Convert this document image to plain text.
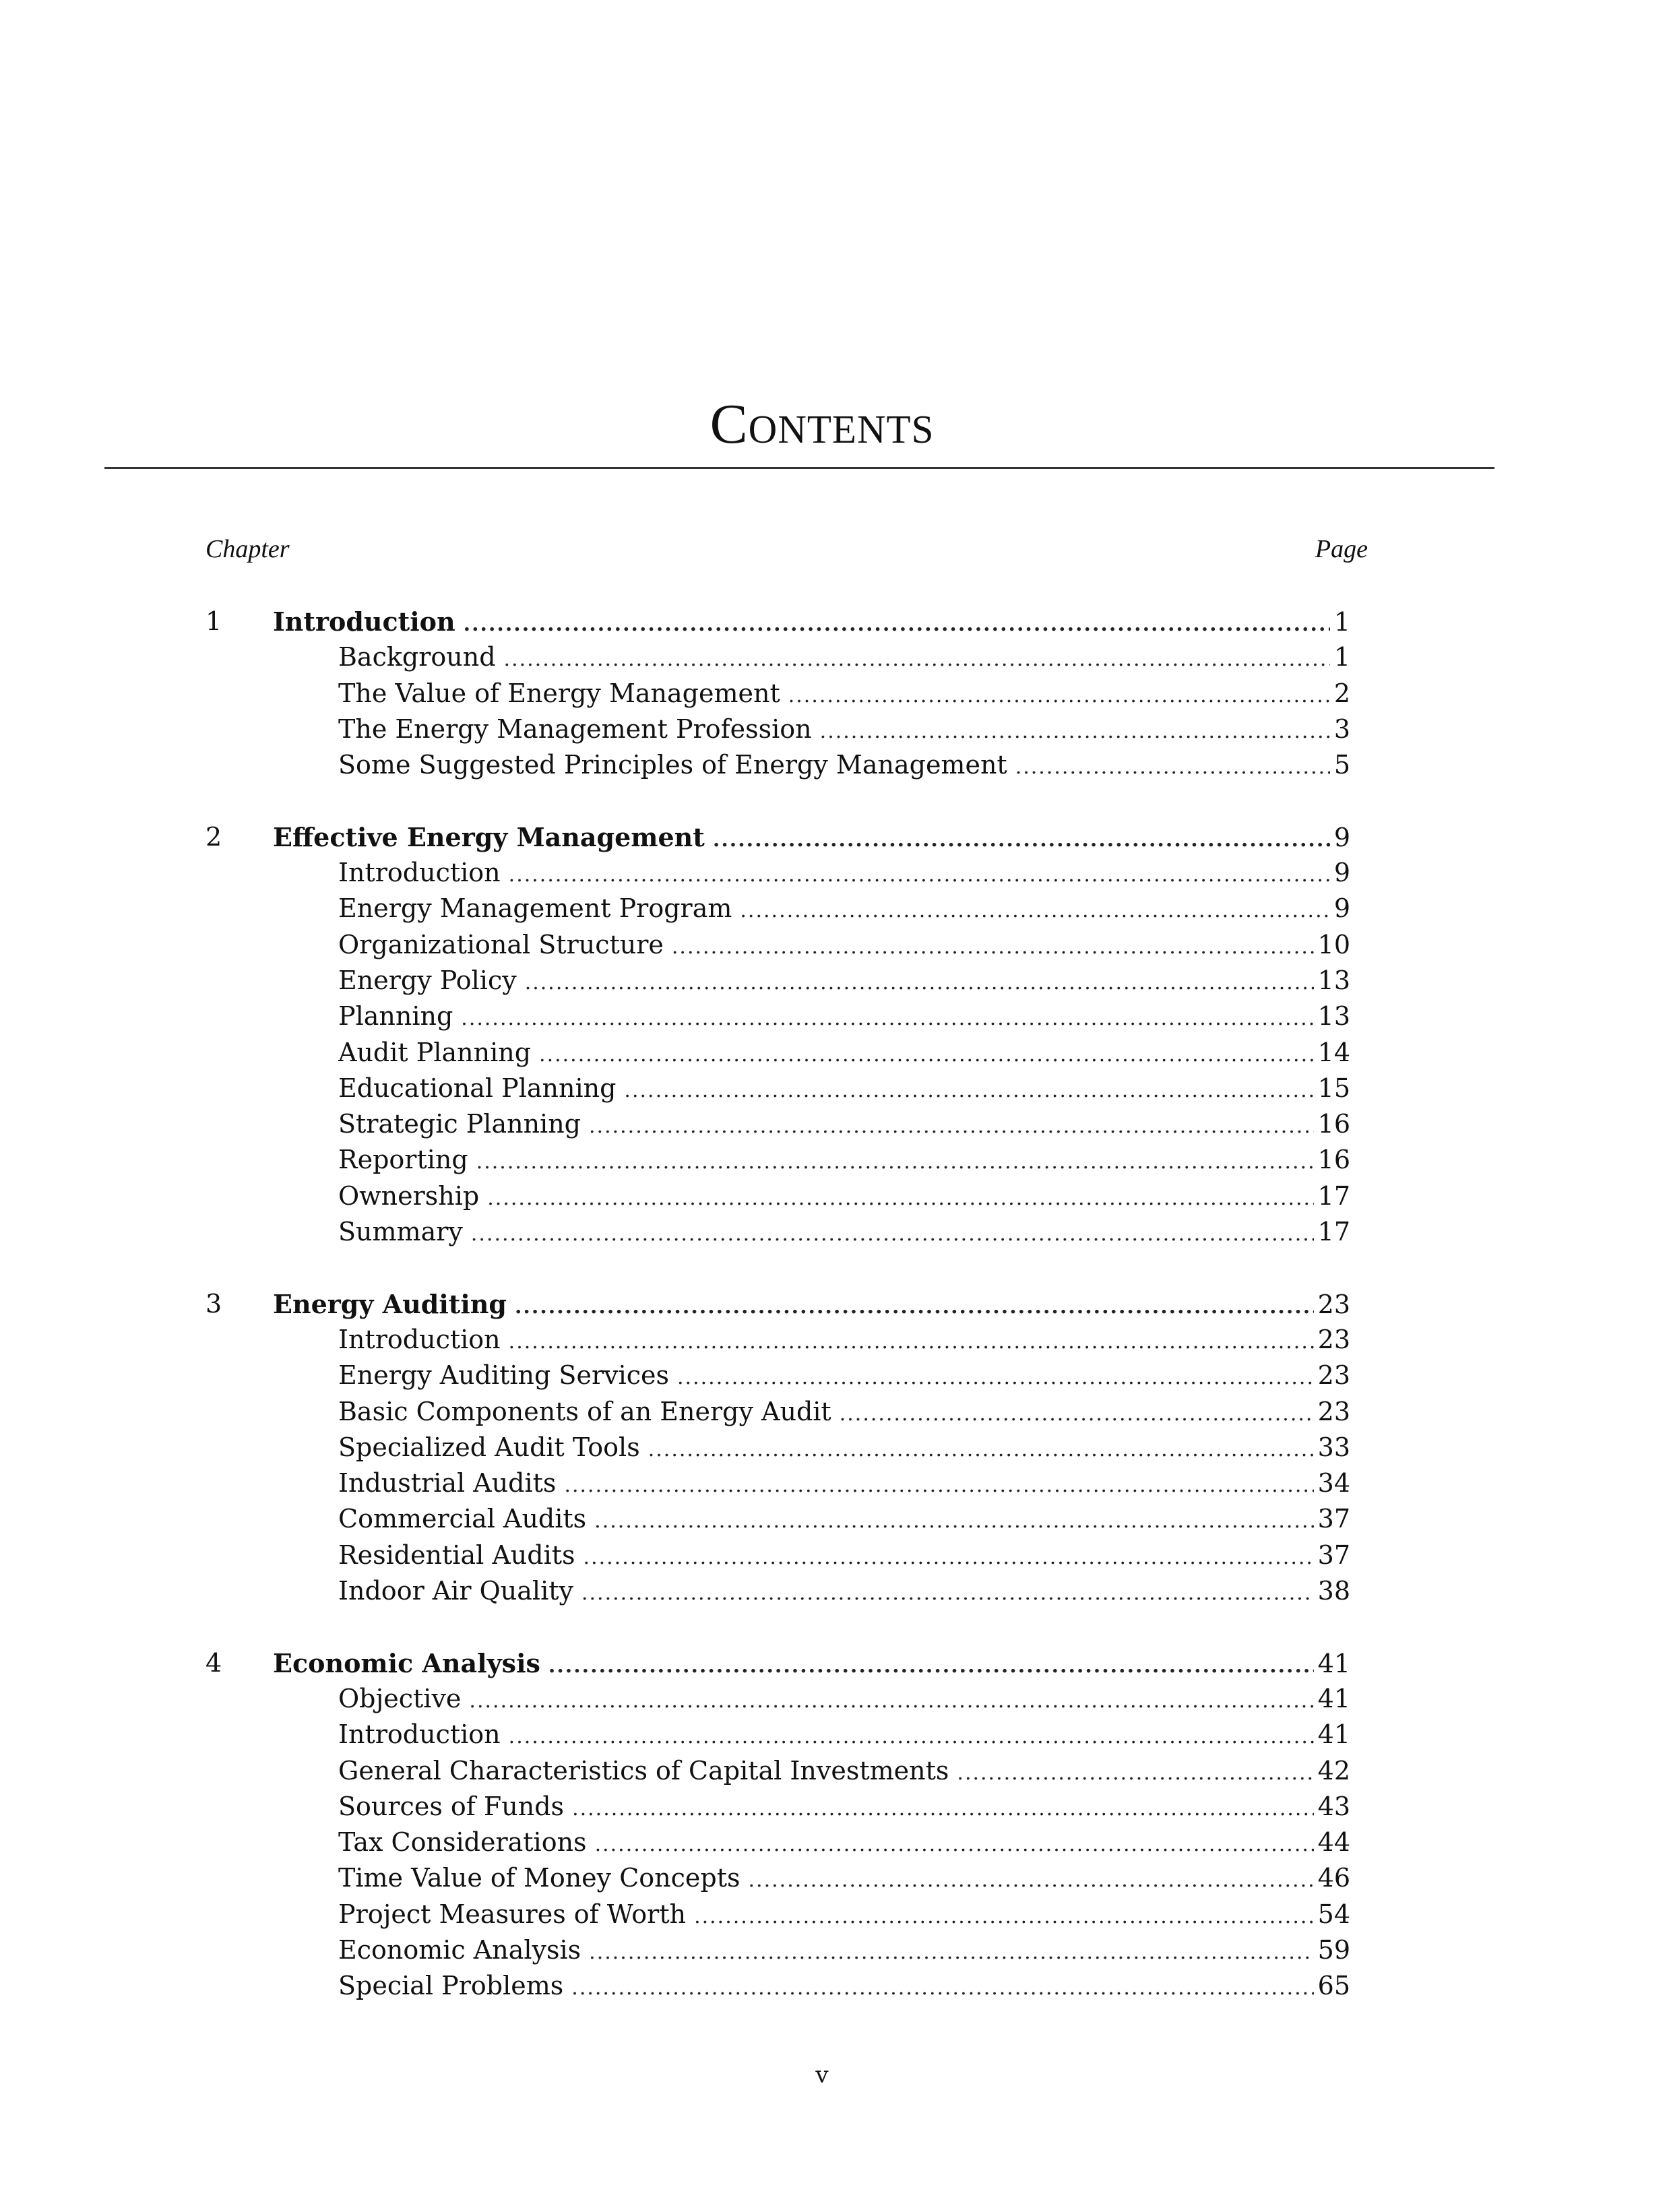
Contents
Chapter	Page
1 Introduction .....	1
Background .....	1
The Value of Energy Management .....	2
The Energy Management Profession .....	3
Some Suggested Principles of Energy Management .....	5
2 Effective Energy Management .....	9
Introduction .....	9
Energy Management Program .....	9
Organizational Structure .....	10
Energy Policy .....	13
Planning .....	13
Audit Planning .....	14
Educational Planning .....	15
Strategic Planning .....	16
Reporting .....	16
Ownership .....	17
Summary .....	17
3 Energy Auditing .....	23
Introduction .....	23
Energy Auditing Services .....	23
Basic Components of an Energy Audit .....	23
Specialized Audit Tools .....	33
Industrial Audits .....	34
Commercial Audits .....	37
Residential Audits .....	37
Indoor Air Quality .....	38
4 Economic Analysis .....	41
Objective .....	41
Introduction .....	41
General Characteristics of Capital Investments .....	42
Sources of Funds .....	43
Tax Considerations .....	44
Time Value of Money Concepts .....	46
Project Measures of Worth .....	54
Economic Analysis .....	59
Special Problems .....	65
v
